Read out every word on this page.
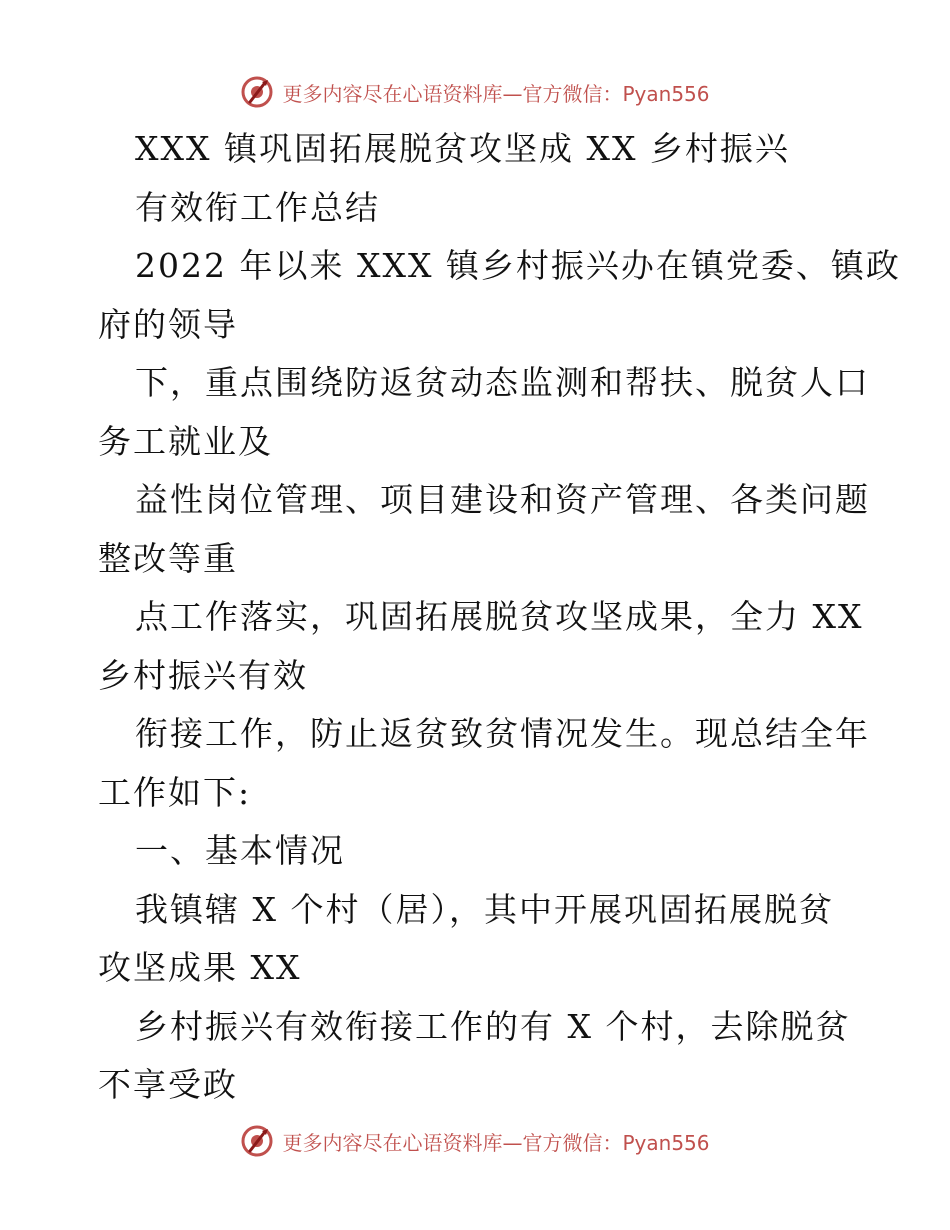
更多内容尽在心语资料库—官方微信：Pyan556
XXX 镇巩固拓展脱贫攻坚成 XX 乡村振兴
有效衔工作总结
2022 年以来 XXX 镇乡村振兴办在镇党委、镇政
府的领导
下，重点围绕防返贫动态监测和帮扶、脱贫人口
务工就业及
益性岗位管理、项目建设和资产管理、各类问题
整改等重
点工作落实，巩固拓展脱贫攻坚成果，全力 XX
乡村振兴有效
衔接工作，防止返贫致贫情况发生。现总结全年
工作如下:
一、基本情况
我镇辖 X 个村（居），其中开展巩固拓展脱贫
攻坚成果 XX
乡村振兴有效衔接工作的有 X 个村，去除脱贫
不享受政
更多内容尽在心语资料库—官方微信：Pyan556
